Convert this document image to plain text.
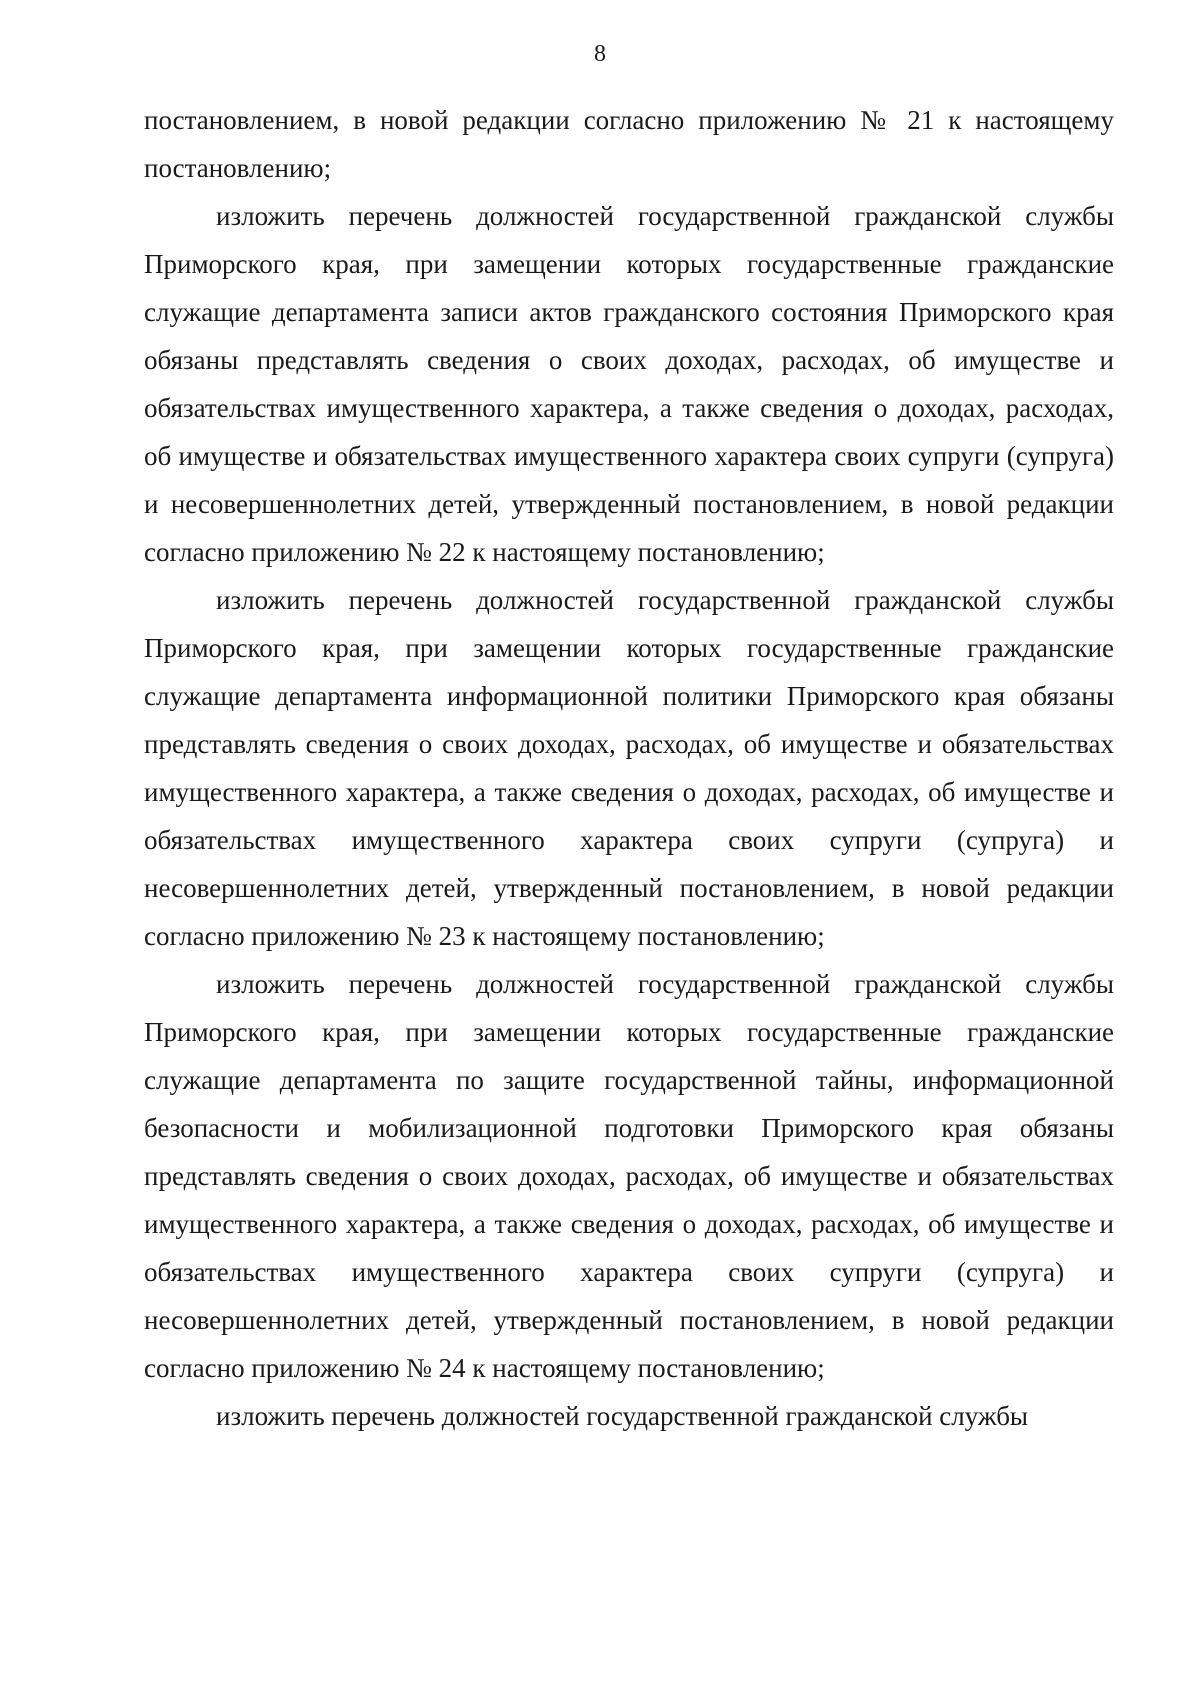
8

постановлением, в новой редакции согласно приложению № 21 к настоящему постановлению;

изложить перечень должностей государственной гражданской службы Приморского края, при замещении которых государственные гражданские служащие департамента записи актов гражданского состояния Приморского края обязаны представлять сведения о своих доходах, расходах, об имуществе и обязательствах имущественного характера, а также сведения о доходах, расходах, об имуществе и обязательствах имущественного характера своих супруги (супруга) и несовершеннолетних детей, утвержденный постановлением, в новой редакции согласно приложению № 22 к настоящему постановлению;

изложить перечень должностей государственной гражданской службы Приморского края, при замещении которых государственные гражданские служащие департамента информационной политики Приморского края обязаны представлять сведения о своих доходах, расходах, об имуществе и обязательствах имущественного характера, а также сведения о доходах, расходах, об имуществе и обязательствах имущественного характера своих супруги (супруга) и несовершеннолетних детей, утвержденный постановлением, в новой редакции согласно приложению № 23 к настоящему постановлению;

изложить перечень должностей государственной гражданской службы Приморского края, при замещении которых государственные гражданские служащие департамента по защите государственной тайны, информационной безопасности и мобилизационной подготовки Приморского края обязаны представлять сведения о своих доходах, расходах, об имуществе и обязательствах имущественного характера, а также сведения о доходах, расходах, об имуществе и обязательствах имущественного характера своих супруги (супруга) и несовершеннолетних детей, утвержденный постановлением, в новой редакции согласно приложению № 24 к настоящему постановлению;

изложить перечень должностей государственной гражданской службы
